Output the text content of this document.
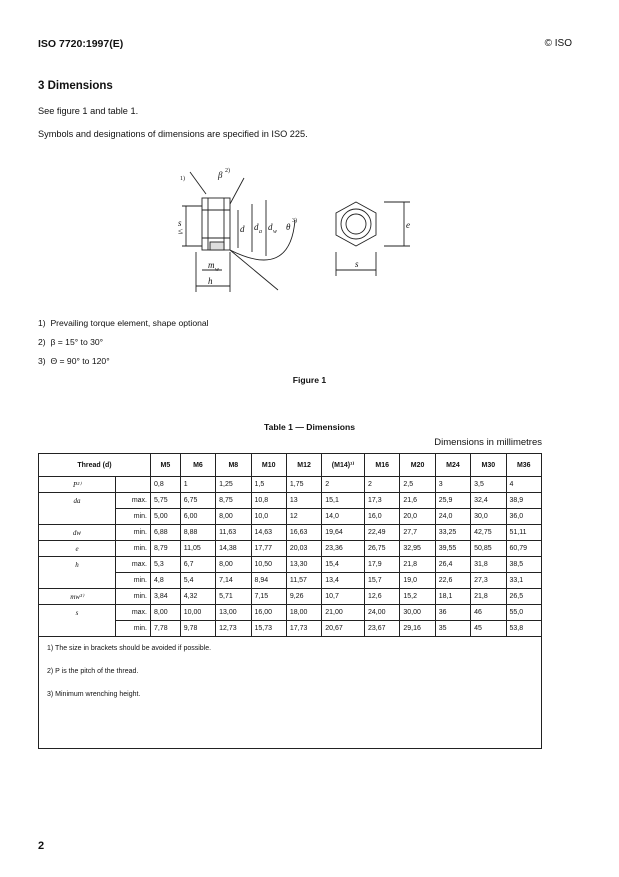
ISO 7720:1997(E)	© ISO
3 Dimensions
See figure 1 and table 1.
Symbols and designations of dimensions are specified in ISO 225.
1)	β 2)
s
≤	d d a d w θ
3)
m w
h
e
s
1) Prevailing torque element, shape optional
2) β = 15° to 30°
3) Θ = 90° to 120°
Figure 1
Table 1 — Dimensions
Dimensions in millimetres
Thread (d)		M5	M6	M8	M10	M12	(M14)¹⁾	M16	M20	M24	M30	M36
P²⁾		0,8	1	1,25	1,5	1,75	2	2	2,5	3	3,5	4
da	max.	5,75	6,75	8,75	10,8	13	15,1	17,3	21,6	25,9	32,4	38,9
	min.	5,00	6,00	8,00	10,0	12	14,0	16,0	20,0	24,0	30,0	36,0
dw	min.	6,88	8,88	11,63	14,63	16,63	19,64	22,49	27,7	33,25	42,75	51,11
e	min.	8,79	11,05	14,38	17,77	20,03	23,36	26,75	32,95	39,55	50,85	60,79
h	max.	5,3	6,7	8,00	10,50	13,30	15,4	17,9	21,8	26,4	31,8	38,5
	min.	4,8	5,4	7,14	8,94	11,57	13,4	15,7	19,0	22,6	27,3	33,1
mw³⁾	min.	3,84	4,32	5,71	7,15	9,26	10,7	12,6	15,2	18,1	21,8	26,5
s	max.	8,00	10,00	13,00	16,00	18,00	21,00	24,00	30,00	36	46	55,0
	min.	7,78	9,78	12,73	15,73	17,73	20,67	23,67	29,16	35	45	53,8

1) The size in brackets should be avoided if possible.
2) P is the pitch of the thread.
3) Minimum wrenching height.												
2
